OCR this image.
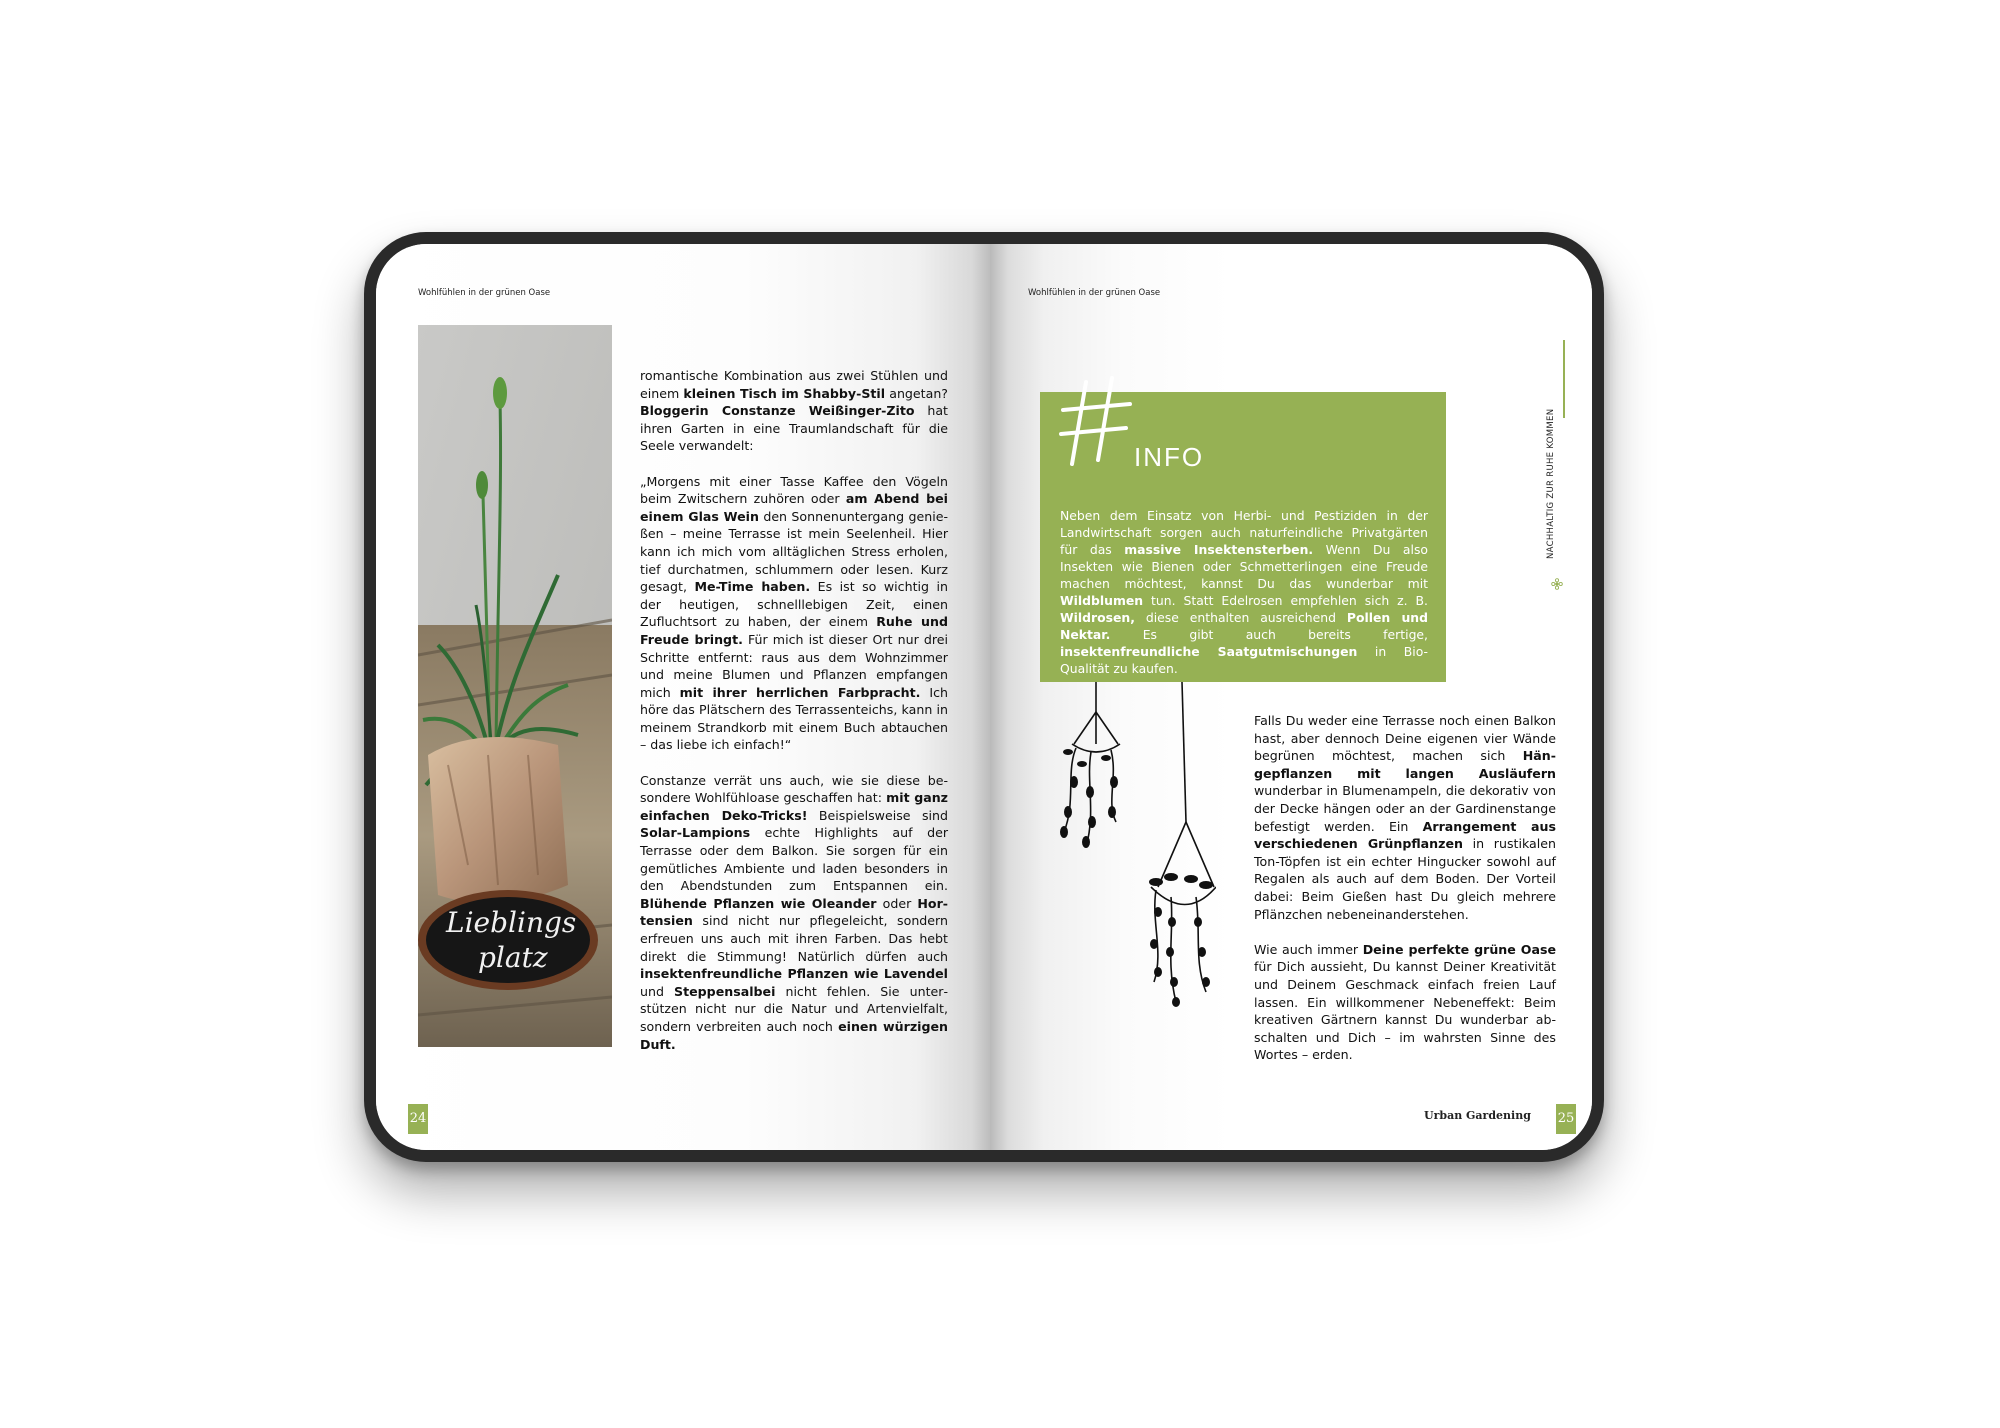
Wohlfühlen in der grünen Oase
Lieblings
platz

romantische Kombination aus zwei Stühlen und einem kleinen Tisch im Shabby-Stil angetan? Bloggerin Constanze Weißinger-Zito hat ihren Garten in eine Traumlandschaft für die Seele verwandelt:

„Morgens mit einer Tasse Kaffee den Vögeln beim Zwitschern zuhören oder am Abend bei einem Glas Wein den Sonnenuntergang genießen – meine Terrasse ist mein Seelenheil. Hier kann ich mich vom alltäglichen Stress erholen, tief durchatmen, schlummern oder lesen. Kurz gesagt, Me-Time haben. Es ist so wichtig in der heutigen, schnelllebigen Zeit, einen Zufluchtsort zu haben, der einem Ruhe und Freude bringt. Für mich ist dieser Ort nur drei Schritte entfernt: raus aus dem Wohnzimmer und meine Blumen und Pflanzen empfangen mich mit ihrer herrlichen Farbpracht. Ich höre das Plätschern des Terrassenteichs, kann in meinem Strandkorb mit einem Buch abtauchen – das liebe ich einfach!“

Constanze verrät uns auch, wie sie diese besondere Wohlfühloase geschaffen hat: mit ganz einfachen Deko-Tricks! Beispielsweise sind Solar-Lampions echte Highlights auf der Terrasse oder dem Balkon. Sie sorgen für ein gemütliches Ambiente und laden besonders in den Abendstunden zum Entspannen ein. Blühende Pflanzen wie Oleander oder Hortensien sind nicht nur pflegeleicht, sondern erfreuen uns auch mit ihren Farben. Das hebt direkt die Stimmung! Natürlich dürfen auch insektenfreundliche Pflanzen wie Lavendel und Steppensalbei nicht fehlen. Sie unterstützen nicht nur die Natur und Artenvielfalt, sondern verbreiten auch noch einen würzigen Duft.

24
Wohlfühlen in der grünen Oase
INFO
Neben dem Einsatz von Herbi- und Pestiziden in der Landwirtschaft sorgen auch naturfeindliche Privatgärten für das massive Insektensterben. Wenn Du also Insekten wie Bienen oder Schmetterlingen eine Freude machen möchtest, kannst Du das wunderbar mit Wildblumen tun. Statt Edelrosen empfehlen sich z. B. Wildrosen, diese enthalten ausreichend Pollen und Nektar. Es gibt auch bereits fertige, insektenfreundliche Saatgutmischungen in Bio-Qualität zu kaufen.

Falls Du weder eine Terrasse noch einen Balkon hast, aber dennoch Deine eigenen vier Wände begrünen möchtest, machen sich Hängepflanzen mit langen Ausläufern wunderbar in Blumenampeln, die dekorativ von der Decke hängen oder an der Gardinenstange befestigt werden. Ein Arrangement aus verschiedenen Grünpflanzen in rustikalen Ton-Töpfen ist ein echter Hingucker sowohl auf Regalen als auch auf dem Boden. Der Vorteil dabei: Beim Gießen hast Du gleich mehrere Pflänzchen nebeneinanderstehen.

Wie auch immer Deine perfekte grüne Oase für Dich aussieht, Du kannst Deiner Kreativität und Deinem Geschmack einfach freien Lauf lassen. Ein willkommener Nebeneffekt: Beim kreativen Gärtnern kannst Du wunderbar abschalten und Dich – im wahrsten Sinne des Wortes – erden.

Urban Gardening 25
NACHHALTIG ZUR RUHE KOMMEN
